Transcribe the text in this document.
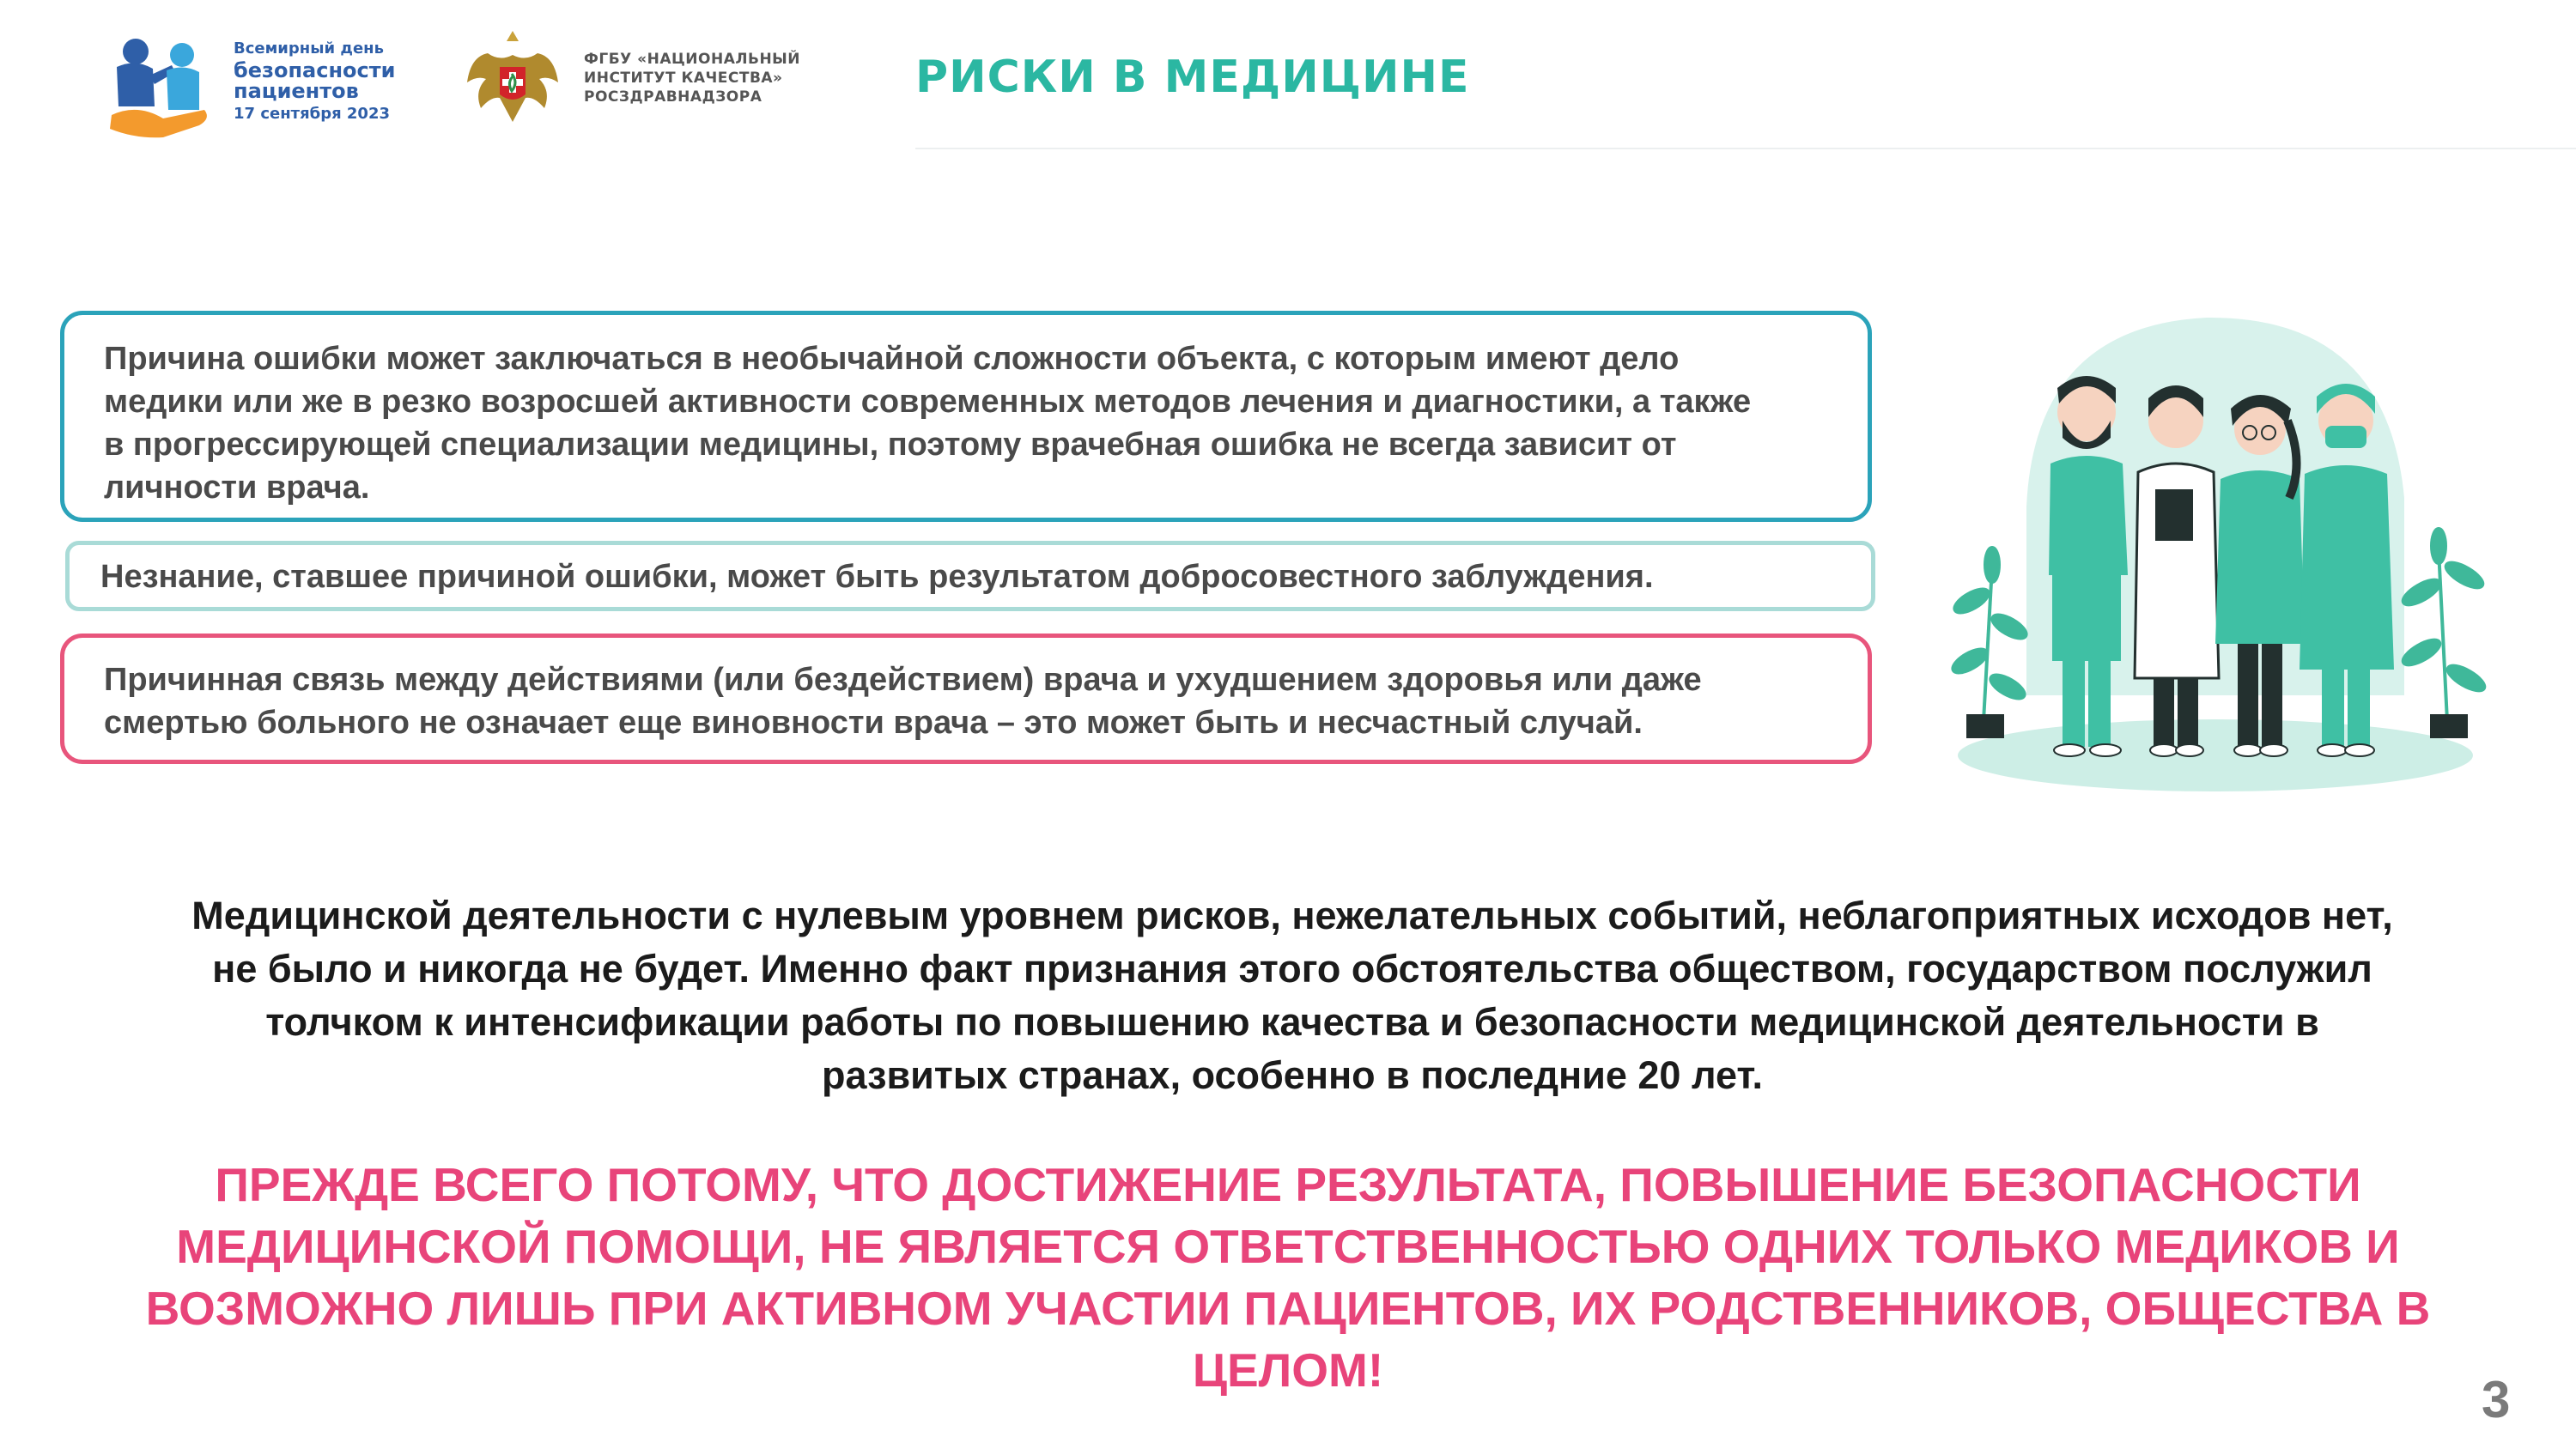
Всемирный день
безопасности
пациентов
17 сентября 2023
ФГБУ «НАЦИОНАЛЬНЫЙ
ИНСТИТУТ КАЧЕСТВА»
РОСЗДРАВНАДЗОРА	РИСКИ В МЕДИЦИНЕ
Причина ошибки может заключаться в необычайной сложности объекта, с которым имеют дело
медики или же в резко возросшей активности современных методов лечения и диагностики, а также
в прогрессирующей специализации медицины, поэтому врачебная ошибка не всегда зависит от
личности врача.
Незнание, ставшее причиной ошибки, может быть результатом добросовестного заблуждения.
Причинная связь между действиями (или бездействием) врача и ухудшением здоровья или даже
смертью больного не означает еще виновности врача – это может быть и несчастный случай.
Медицинской деятельности с нулевым уровнем рисков, нежелательных событий, неблагоприятных исходов нет,
не было и никогда не будет. Именно факт признания этого обстоятельства обществом, государством послужил
толчком к интенсификации работы по повышению качества и безопасности медицинской деятельности в
развитых странах, особенно в последние 20 лет.
ПРЕЖДЕ ВСЕГО ПОТОМУ, ЧТО ДОСТИЖЕНИЕ РЕЗУЛЬТАТА, ПОВЫШЕНИЕ БЕЗОПАСНОСТИ
МЕДИЦИНСКОЙ ПОМОЩИ, НЕ ЯВЛЯЕТСЯ ОТВЕТСТВЕННОСТЬЮ ОДНИХ ТОЛЬКО МЕДИКОВ И
ВОЗМОЖНО ЛИШЬ ПРИ АКТИВНОМ УЧАСТИИ ПАЦИЕНТОВ, ИХ РОДСТВЕННИКОВ, ОБЩЕСТВА В ЦЕЛОМ!
3
